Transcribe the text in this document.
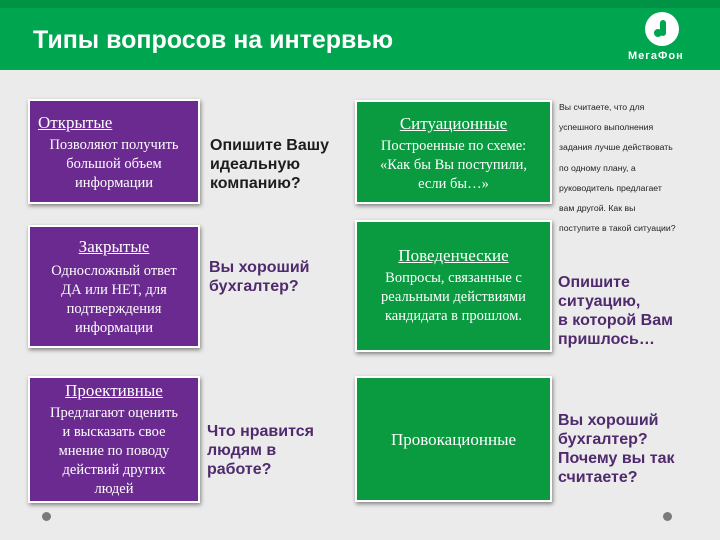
Типы вопросов на интервью
МегаФон
Открытые
Позволяют получить
большой объем
информации
Закрытые
Односложный ответ
ДА или НЕТ, для
подтверждения
информации
Проективные
Предлагают оценить
и высказать свое
мнение по поводу
действий других
людей
Опишите Вашу
идеальную
компанию?
Вы хороший
бухгалтер?
Что нравится
людям в
работе?
Ситуационные
Построенные по схеме:
«Как бы Вы поступили,
если бы…»
Поведенческие
Вопросы, связанные с
реальными действиями
кандидата в прошлом.
Провокационные
Вы считаете, что для
успешного выполнения
задания лучше действовать
по одному плану, а
руководитель предлагает
вам другой. Как вы
поступите в такой ситуации?
Опишите
ситуацию,
в которой Вам
пришлось…
Вы хороший
бухгалтер?
Почему вы так
считаете?
